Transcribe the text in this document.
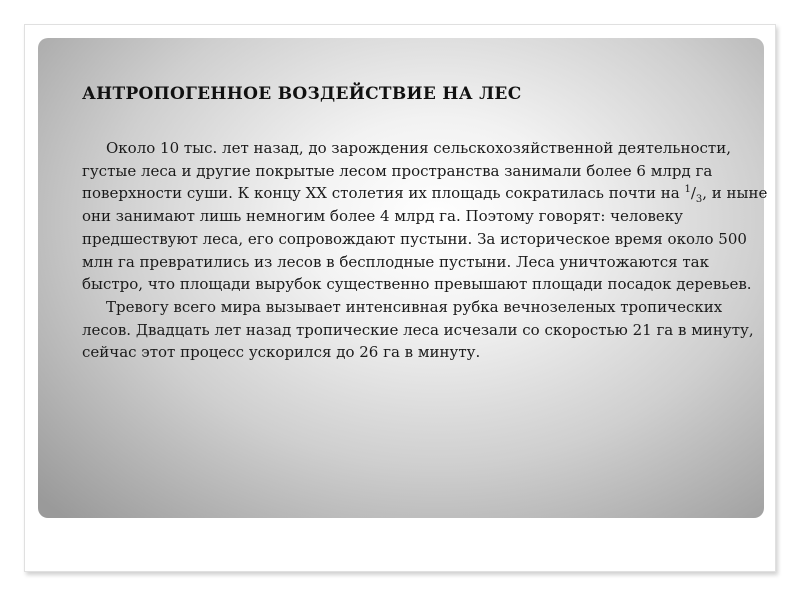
АНТРОПОГЕННОЕ ВОЗДЕЙСТВИЕ НА ЛЕС

Около 10 тыс. лет назад, до зарождения сельскохозяйственной деятельности, густые леса и другие покрытые лесом пространства занимали более 6 млрд га поверхности суши. К концу XX столетия их площадь сократилась почти на $^1/_3$, и ныне они занимают лишь немногим более 4 млрд га. Поэтому говорят: человеку предшествуют леса, его сопровождают пустыни. За историческое время около 500 млн га превратились из лесов в бесплодные пустыни. Леса уничтожаются так быстро, что площади вырубок существенно превышают площади посадок деревьев.

Тревогу всего мира вызывает интенсивная рубка вечнозеленых тропических лесов. Двадцать лет назад тропические леса исчезали со скоростью 21 га в минуту, сейчас этот процесс ускорился до 26 га в минуту.
